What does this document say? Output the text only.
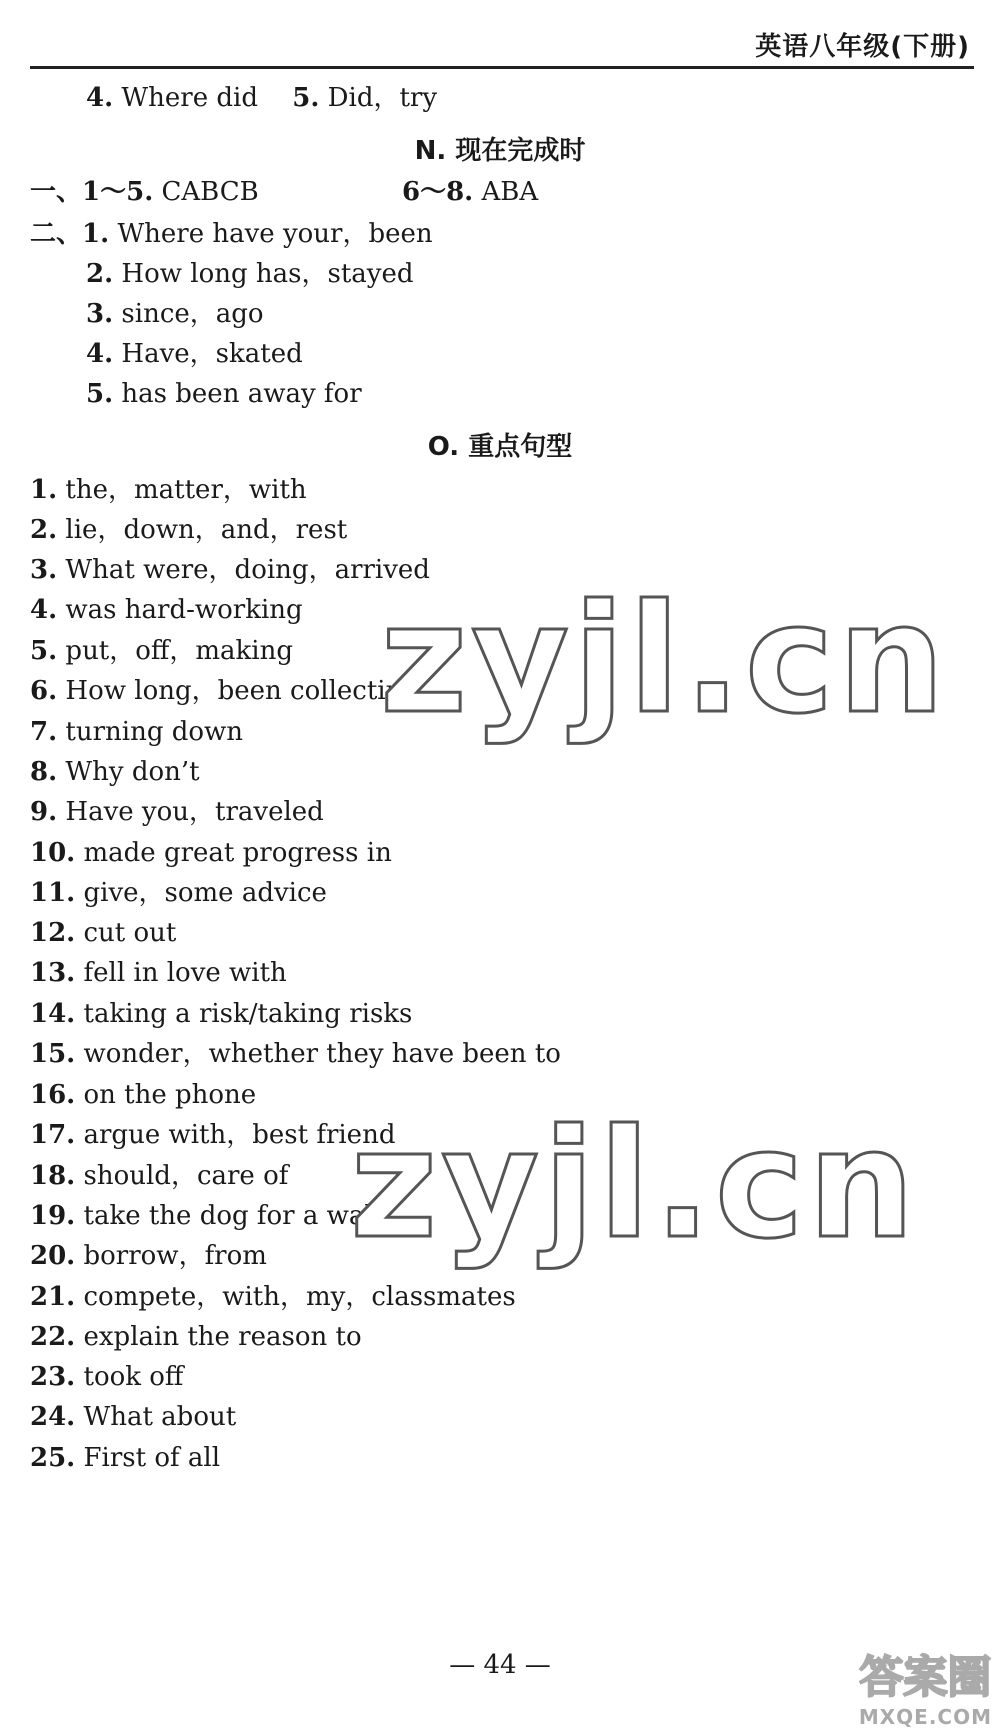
英语八年级(下册)
4. Where did 5. Did，try
N. 现在完成时
一、1～5. CABCB	6～8. ABA
二、1. Where have your，been
2. How long has，stayed
3. since，ago
4. Have，skated
5. has been away for
O. 重点句型
1. the，matter，with
2. lie，down，and，rest
3. What were，doing，arrived
4. was hard-working
5. put，off，making
6. How long，been collecting
7. turning down
8. Why don’t
9. Have you，traveled
10. made great progress in
11. give，some advice
12. cut out
13. fell in love with
14. taking a risk/taking risks
15. wonder，whether they have been to
16. on the phone
17. argue with，best friend
18. should，care of
19. take the dog for a walk
20. borrow，from
21. compete，with，my，classmates
22. explain the reason to
23. took off
24. What about
25. First of all
— 44 —
zyjl.cn
zyjl.cn
答案圈
MXQE.COM
